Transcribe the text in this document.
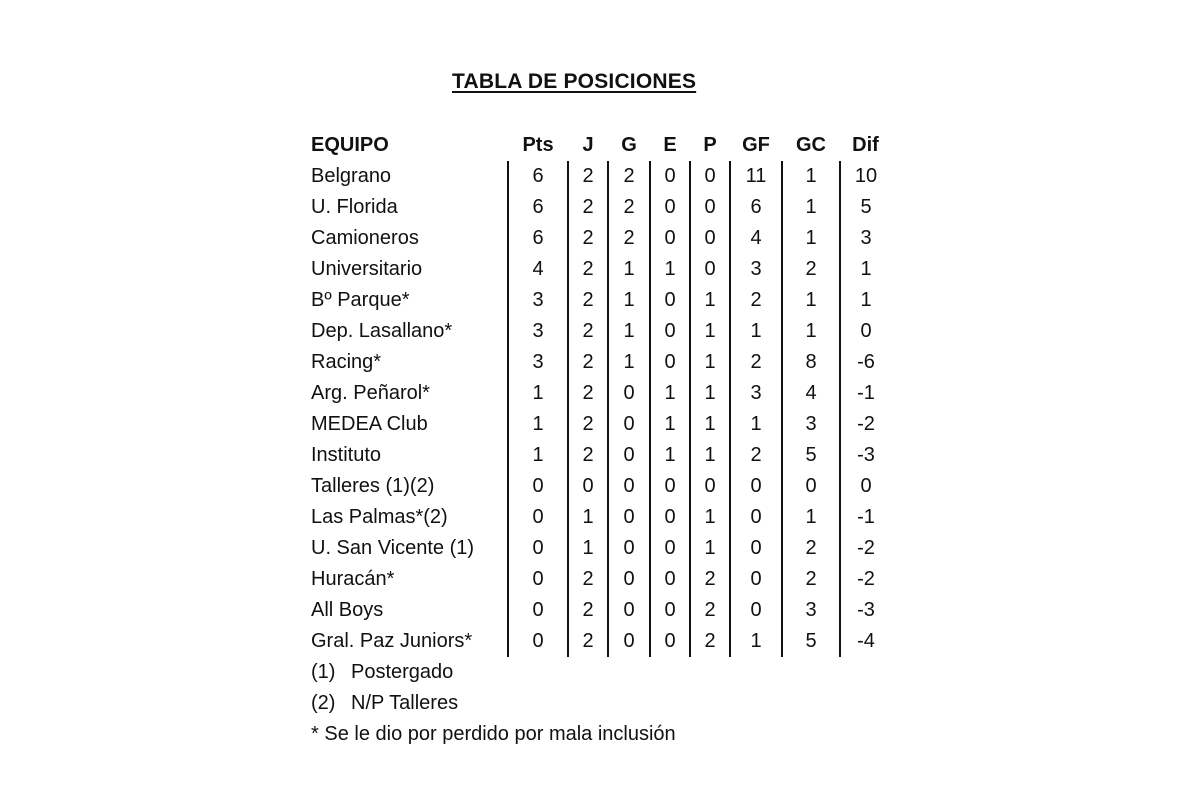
TABLA DE POSICIONES
EQUIPO	Pts	J	G	E	P	GF	GC	Dif
Belgrano	6	2	2	0	0	11	1	10
U. Florida	6	2	2	0	0	6	1	5
Camioneros	6	2	2	0	0	4	1	3
Universitario	4	2	1	1	0	3	2	1
Bº Parque*	3	2	1	0	1	2	1	1
Dep. Lasallano*	3	2	1	0	1	1	1	0
Racing*	3	2	1	0	1	2	8	-6
Arg. Peñarol*	1	2	0	1	1	3	4	-1
MEDEA Club	1	2	0	1	1	1	3	-2
Instituto	1	2	0	1	1	2	5	-3
Talleres (1)(2)	0	0	0	0	0	0	0	0
Las Palmas*(2)	0	1	0	0	1	0	1	-1
U. San Vicente (1)	0	1	0	0	1	0	2	-2
Huracán*	0	2	0	0	2	0	2	-2
All Boys	0	2	0	0	2	0	3	-3
Gral. Paz Juniors*	0	2	0	0	2	1	5	-4
(1) Postergado
(2) N/P Talleres
* Se le dio por perdido por mala inclusión
